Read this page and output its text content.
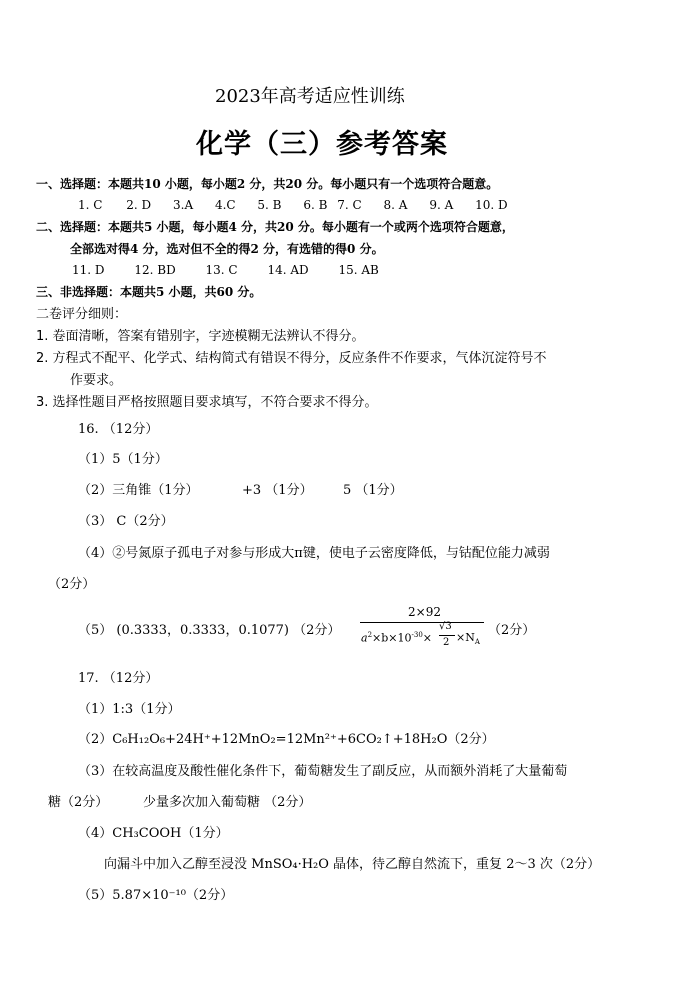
2023年高考适应性训练
化学（三）参考答案
一、选择题：本题共10 小题，每小题2 分，共20 分。每小题只有一个选项符合题意。
1. C 2. D 3.A 4.C 5. B 6. B 7. C 8. A 9. A 10. D
二、选择题：本题共5 小题，每小题4 分，共20 分。每小题有一个或两个选项符合题意，
全部选对得4 分，选对但不全的得2 分，有选错的得0 分。
11. D 12. BD 13. C 14. AD 15. AB
三、非选择题：本题共5 小题，共60 分。
二卷评分细则：
1. 卷面清晰，答案有错别字，字迹模糊无法辨认不得分。
2. 方程式不配平、化学式、结构简式有错误不得分，反应条件不作要求，气体沉淀符号不
作要求。
3. 选择性题目严格按照题目要求填写，不符合要求不得分。
16. （12分）
（1）5（1分）
（2）三角锥（1分）	+3 （1分） 5 （1分）
（3） C（2分）
（4）②号氮原子孤电子对参与形成大π键，使电子云密度降低，与钴配位能力减弱
（2分）
（5） (0.3333，0.3333，0.1077) （2分）
2×92
$a^2\times b\times 10^{-30}\times$
√3
$2 \times N_A$
（2分）
17. （12分）
（1）1:3（1分）
（2）C₆H₁₂O₆+24H⁺+12MnO₂=12Mn²⁺+6CO₂↑+18H₂O（2分）
（3）在较高温度及酸性催化条件下，葡萄糖发生了副反应，从而额外消耗了大量葡萄
糖（2分）	少量多次加入葡萄糖 （2分）
（4）CH₃COOH（1分）
向漏斗中加入乙醇至浸没 MnSO₄·H₂O 晶体，待乙醇自然流下，重复 2～3 次（2分）
（5）5.87×10⁻¹⁰（2分）
